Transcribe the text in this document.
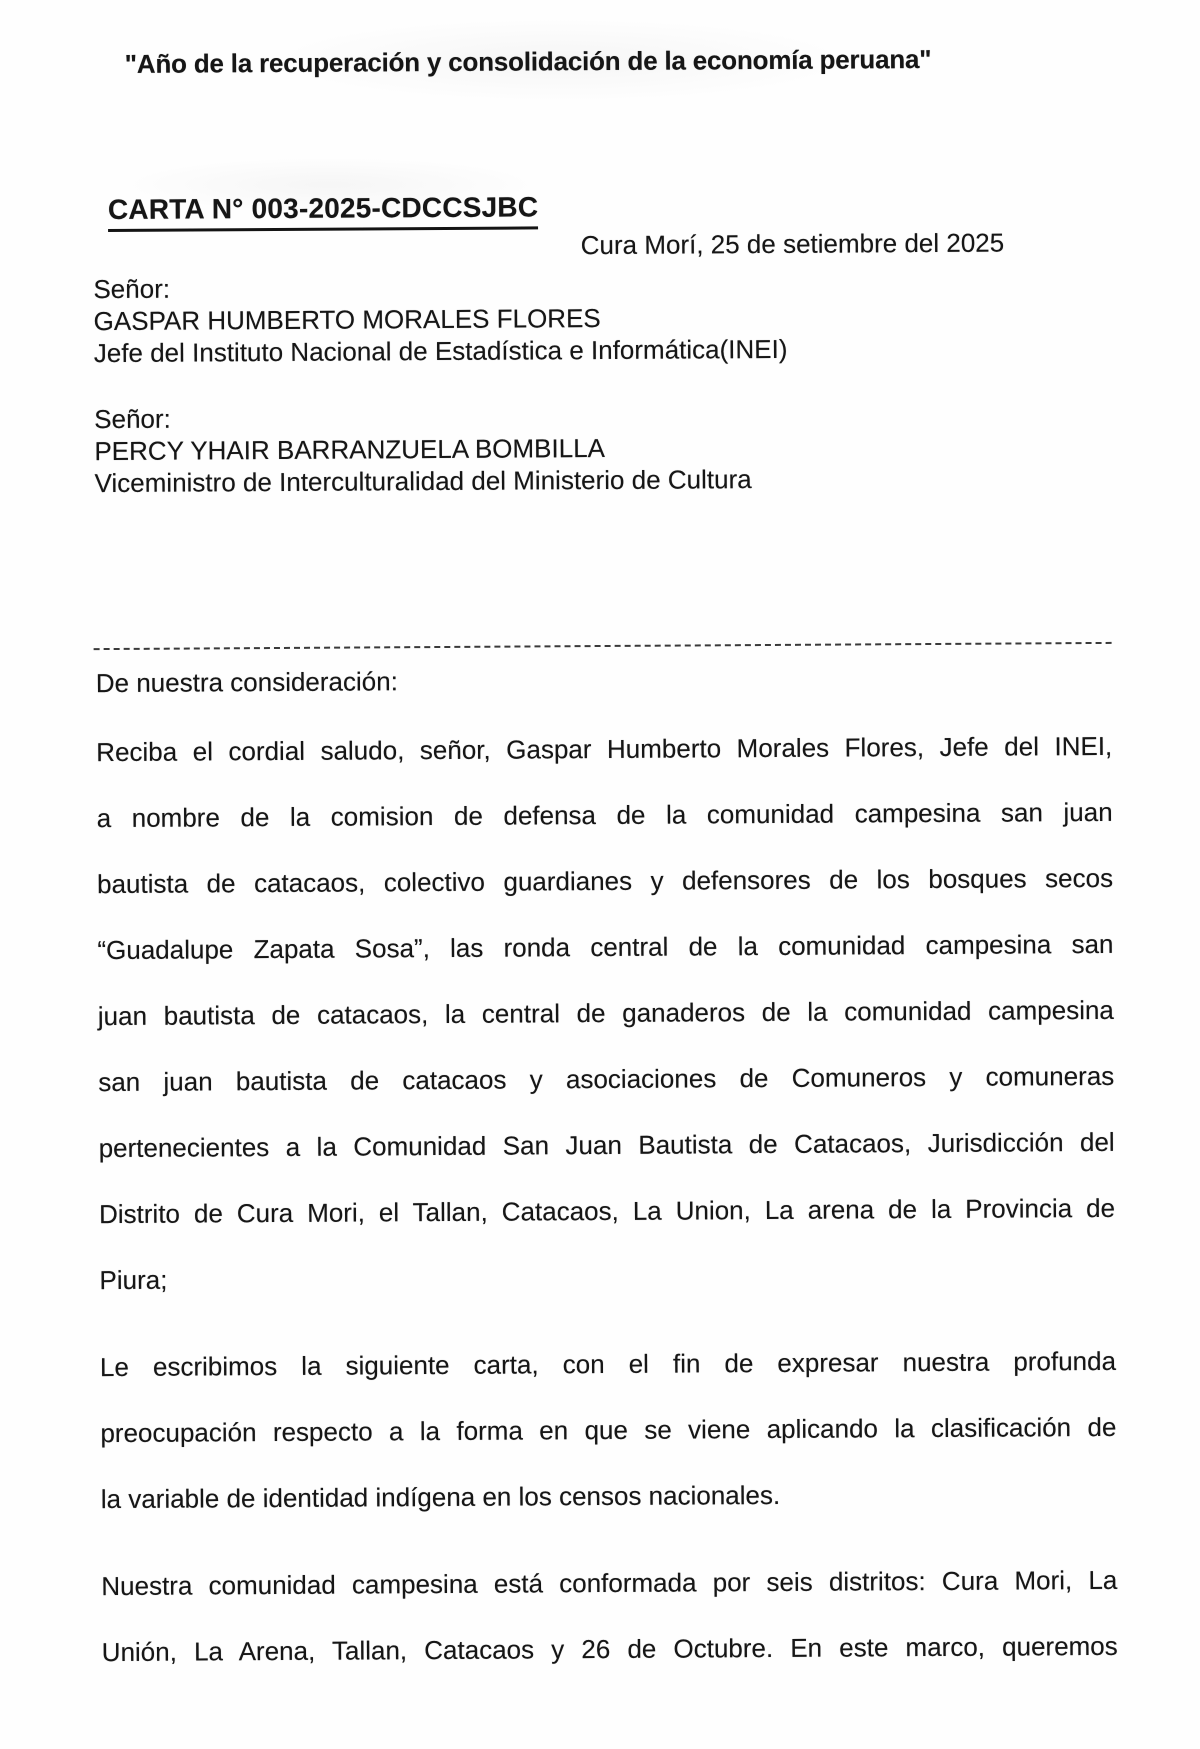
"Año de la recuperación y consolidación de la economía peruana"
CARTA N° 003-2025-CDCCSJBC
Cura Morí, 25 de setiembre del 2025
Señor:
GASPAR HUMBERTO MORALES FLORES
Jefe del Instituto Nacional de Estadística e Informática(INEI)
Señor:
PERCY YHAIR BARRANZUELA BOMBILLA
Viceministro de Interculturalidad del Ministerio de Cultura
De nuestra consideración:
Reciba el cordial saludo, señor, Gaspar Humberto Morales Flores, Jefe del INEI,
a nombre de la comision de defensa de la comunidad campesina san juan
bautista de catacaos, colectivo guardianes y defensores de los bosques secos
“Guadalupe Zapata Sosa”, las ronda central de la comunidad campesina san
juan bautista de catacaos, la central de ganaderos de la comunidad campesina
san juan bautista de catacaos y asociaciones de Comuneros y comuneras
pertenecientes a la Comunidad San Juan Bautista de Catacaos, Jurisdicción del
Distrito de Cura Mori, el Tallan, Catacaos, La Union, La arena de la Provincia de
Piura;
Le escribimos la siguiente carta, con el fin de expresar nuestra profunda
preocupación respecto a la forma en que se viene aplicando la clasificación de
la variable de identidad indígena en los censos nacionales.
Nuestra comunidad campesina está conformada por seis distritos: Cura Mori, La
Unión, La Arena, Tallan, Catacaos y 26 de Octubre. En este marco, queremos
